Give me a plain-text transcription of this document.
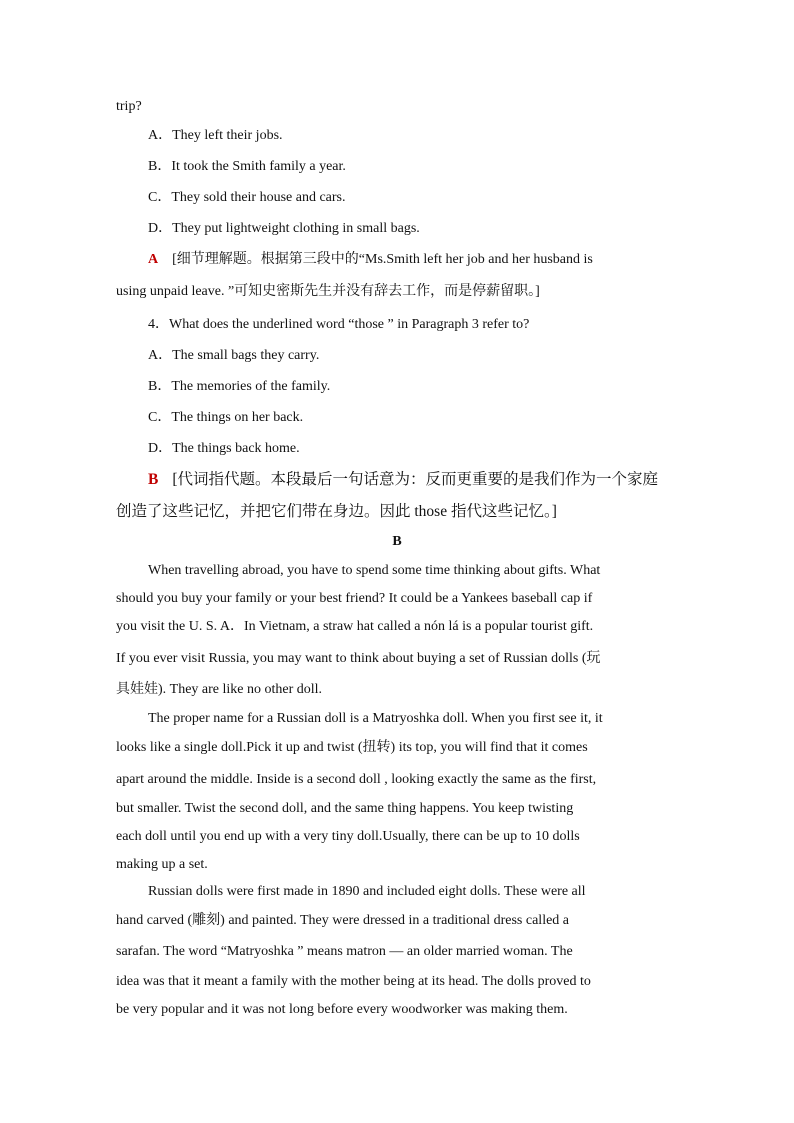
trip?
A．They left their jobs.
B．It took the Smith family a year.
C．They sold their house and cars.
D．They put lightweight clothing in small bags.
A [细节理解题。根据第三段中的“Ms.Smith left her job and her husband is
using unpaid leave. ”可知史密斯先生并没有辞去工作，而是停薪留职。]
4．What does the underlined word “those ” in Paragraph 3 refer to?
A．The small bags they carry.
B．The memories of the family.
C．The things on her back.
D．The things back home.
B [代词指代题。本段最后一句话意为：反而更重要的是我们作为一个家庭
创造了这些记忆，并把它们带在身边。因此 those 指代这些记忆。]
B
When travelling abroad, you have to spend some time thinking about gifts. What
should you buy your family or your best friend? It could be a Yankees baseball cap if
you visit the U. S. A．In Vietnam, a straw hat called a nón lá is a popular tourist gift.
If you ever visit Russia, you may want to think about buying a set of Russian dolls (玩
具娃娃). They are like no other doll.
The proper name for a Russian doll is a Matryoshka doll. When you first see it, it
looks like a single doll.Pick it up and twist (扭转) its top, you will find that it comes
apart around the middle. Inside is a second doll , looking exactly the same as the first,
but smaller. Twist the second doll, and the same thing happens. You keep twisting
each doll until you end up with a very tiny doll.Usually, there can be up to 10 dolls
making up a set.
Russian dolls were first made in 1890 and included eight dolls. These were all
hand carved (雕刻) and painted. They were dressed in a traditional dress called a
sarafan. The word “Matryoshka ” means matron — an older married woman. The
idea was that it meant a family with the mother being at its head. The dolls proved to
be very popular and it was not long before every woodworker was making them.
